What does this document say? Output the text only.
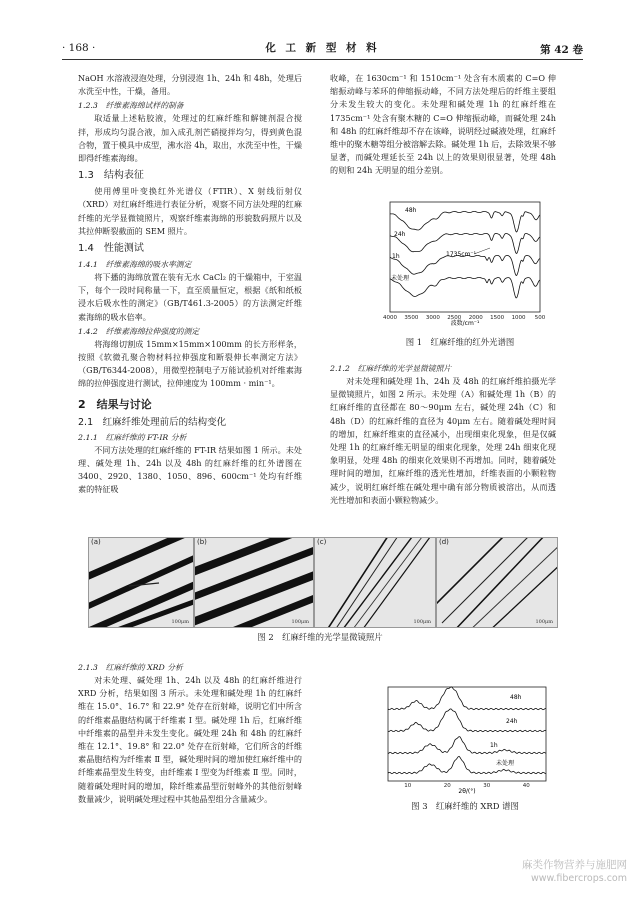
· 168 ·	化 工 新 型 材 料	第 42 卷

NaOH 水溶液浸泡处理，分别浸泡 1h、24h 和 48h，处理后水洗至中性，干燥，备用。

1.2.3　纤维素海绵试样的制备

取适量上述粘胶液，处理过的红麻纤维和解键剂混合搅拌，形成均匀混合液，加入成孔剂芒硝搅拌均匀，得到黄色混合物，置于模具中成型，沸水浴 4h，取出，水洗至中性，干燥即得纤维素海绵。

1.3　结构表征

使用傅里叶变换红外光谱仪（FTIR）、X 射线衍射仪（XRD）对红麻纤维进行表征分析，观察不同方法处理的红麻纤维的光学显微镜照片，观察纤维素海绵的形貌数码照片以及其拉伸断裂截面的 SEM 照片。

1.4　性能测试
1.4.1　纤维素海绵的吸水率测定

将下播的海绵放置在装有无水 CaCl₂ 的干燥箱中，于室温下，每个一段时间称量一下，直至质量恒定，根据《纸和纸板浸水后吸水性的测定》（GB/T461.3-2005）的方法测定纤维素海绵的吸水倍率。

1.4.2　纤维素海绵拉伸强度的测定

将海绵切割成 15mm×15mm×100mm 的长方形样条，按照《软微孔聚合物材料拉伸强度和断裂伸长率测定方法》（GB/T6344-2008），用微型控制电子万能试验机对纤维素海绵的拉伸强度进行测试，拉伸速度为 100mm · min⁻¹。

2　结果与讨论
2.1　红麻纤维处理前后的结构变化
2.1.1　红麻纤维的 FT-IR 分析

不同方法处理的红麻纤维的 FT-IR 结果如图 1 所示。未处理、碱处理 1h、24h 以及 48h 的红麻纤维的红外谱图在 3400、2920、1380、1050、896、600cm⁻¹ 处均有纤维素的特征吸

收峰，在 1630cm⁻¹ 和 1510cm⁻¹ 处含有木质素的 C=O 伸缩振动峰与苯环的伸缩振动峰，不同方法处理后的纤维主要组分未发生较大的变化。未处理和碱处理 1h 的红麻纤维在 1735cm⁻¹ 处含有聚木糖的 C=O 伸缩振动峰，而碱处理 24h 和 48h 的红麻纤维却不存在该峰，说明经过碱液处理，红麻纤维中的聚木糖等组分被溶解去除。碱处理 1h 后，去除效果不够显著，而碱处理延长至 24h 以上的效果则很显著，处理 48h 的则和 24h 无明显的组分差别。

4000 3500 3000 2500 2000 1500 1000 500
48h
24h
1h
未处理
1735cm⁻¹
波数/cm⁻¹
图 1　红麻纤维的红外光谱图
2.1.2　红麻纤维的光学显微镜照片

对未处理和碱处理 1h、24h 及 48h 的红麻纤维拍摄光学显微镜照片，如图 2 所示。未处理（A）和碱处理 1h（B）的红麻纤维的直径都在 80～90μm 左右，碱处理 24h（C）和 48h（D）的红麻纤维的直径为 40μm 左右。随着碱处理时间的增加，红麻纤维束的直径减小，出现细束化现象，但是仅碱处理 1h 的红麻纤维无明显的细束化现象，处理 24h 细束化现象明显，处理 48h 的细束化效果则不再增加。同时，随着碱处理时间的增加，红麻纤维的透光性增加，纤维表面的小颗粒物减少，说明红麻纤维在碱处理中确有部分物质被溶出，从而透光性增加和表面小颗粒物减少。

(a)
100μm
(b)
100μm
(c)
100μm
(d)
100μm
图 2　红麻纤维的光学显微镜照片
2.1.3　红麻纤维的 XRD 分析

对未处理、碱处理 1h、24h 以及 48h 的红麻纤维进行 XRD 分析，结果如图 3 所示。未处理和碱处理 1h 的红麻纤维在 15.0°、16.7° 和 22.9° 处存在衍射峰，说明它们中所含的纤维素晶胞结构属于纤维素 Ⅰ 型。碱处理 1h 后，红麻纤维中纤维素的晶型并未发生变化。碱处理 24h 和 48h 的红麻纤维在 12.1°、19.8° 和 22.0° 处存在衍射峰，它们所含的纤维素晶胞结构为纤维素 Ⅱ 型，碱处理时间的增加使红麻纤维中的纤维素晶型发生转变，由纤维素 Ⅰ 型变为纤维素 Ⅱ 型。同时，随着碱处理时间的增加，除纤维素晶型衍射峰外的其他衍射峰数量减少，说明碱处理过程中其他晶型组分含量减少。

10	20	30	40
48h
24h
1h
未处理
2θ/(°)
图 3　红麻纤维的 XRD 谱图
麻类作物营养与施肥网
www.fibercrops.com
